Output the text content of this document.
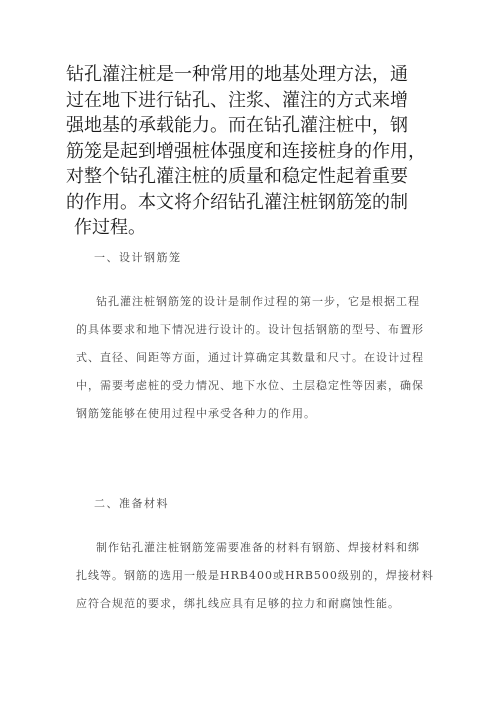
钻孔灌注桩是一种常用的地基处理方法，通
过在地下进行钻孔、注浆、灌注的方式来增
强地基的承载能力。而在钻孔灌注桩中，钢
筋笼是起到增强桩体强度和连接桩身的作用，
对整个钻孔灌注桩的质量和稳定性起着重要
的作用。本文将介绍钻孔灌注桩钢筋笼的制
作过程。
一、设计钢筋笼
钻孔灌注桩钢筋笼的设计是制作过程的第一步，它是根据工程
的具体要求和地下情况进行设计的。设计包括钢筋的型号、布置形
式、直径、间距等方面，通过计算确定其数量和尺寸。在设计过程
中，需要考虑桩的受力情况、地下水位、土层稳定性等因素，确保
钢筋笼能够在使用过程中承受各种力的作用。
二、准备材料
制作钻孔灌注桩钢筋笼需要准备的材料有钢筋、焊接材料和绑
扎线等。钢筋的选用一般是HRB400或HRB500级别的，焊接材料
应符合规范的要求，绑扎线应具有足够的拉力和耐腐蚀性能。
